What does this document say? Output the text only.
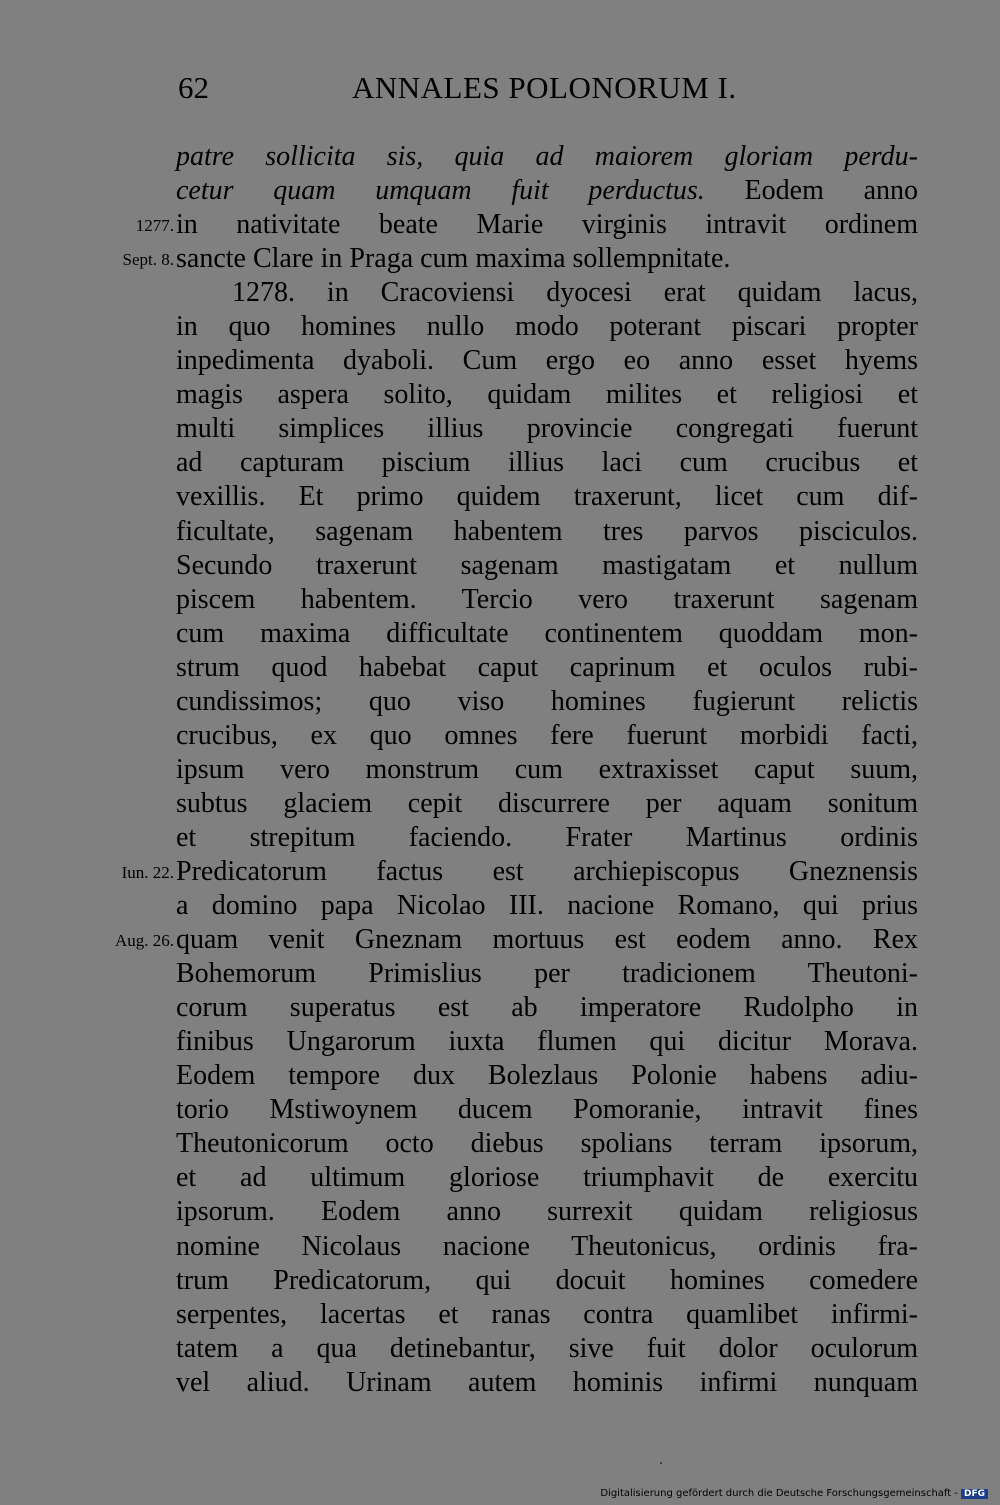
62	ANNALES POLONORUM I.
patre sollicita sis, quia ad maiorem gloriam perdu-
cetur quam umquam fuit perductus. Eodem anno
in nativitate beate Marie virginis intravit ordinem
sancte Clare in Praga cum maxima sollempnitate.
1278. in Cracoviensi dyocesi erat quidam lacus,
in quo homines nullo modo poterant piscari propter
inpedimenta dyaboli. Cum ergo eo anno esset hyems
magis aspera solito, quidam milites et religiosi et
multi simplices illius provincie congregati fuerunt
ad capturam piscium illius laci cum crucibus et
vexillis. Et primo quidem traxerunt, licet cum dif-
ficultate, sagenam habentem tres parvos pisciculos.
Secundo traxerunt sagenam mastigatam et nullum
piscem habentem. Tercio vero traxerunt sagenam
cum maxima difficultate continentem quoddam mon-
strum quod habebat caput caprinum et oculos rubi-
cundissimos; quo viso homines fugierunt relictis
crucibus, ex quo omnes fere fuerunt morbidi facti,
ipsum vero monstrum cum extraxisset caput suum,
subtus glaciem cepit discurrere per aquam sonitum
et strepitum faciendo. Frater Martinus ordinis
Predicatorum factus est archiepiscopus Gneznensis
a domino papa Nicolao III. nacione Romano, qui prius
quam venit Gneznam mortuus est eodem anno. Rex
Bohemorum Primislius per tradicionem Theutoni-
corum superatus est ab imperatore Rudolpho in
finibus Ungarorum iuxta flumen qui dicitur Morava.
Eodem tempore dux Bolezlaus Polonie habens adiu-
torio Mstiwoynem ducem Pomoranie, intravit fines
Theutonicorum octo diebus spolians terram ipsorum,
et ad ultimum gloriose triumphavit de exercitu
ipsorum. Eodem anno surrexit quidam religiosus
nomine Nicolaus nacione Theutonicus, ordinis fra-
trum Predicatorum, qui docuit homines comedere
serpentes, lacertas et ranas contra quamlibet infirmi-
tatem a qua detinebantur, sive fuit dolor oculorum
vel aliud. Urinam autem hominis infirmi nunquam
1277.
Sept. 8.
Iun. 22.
Aug. 26.
Digitalisierung gefördert durch die Deutsche Forschungsgemeinschaft - DFG
